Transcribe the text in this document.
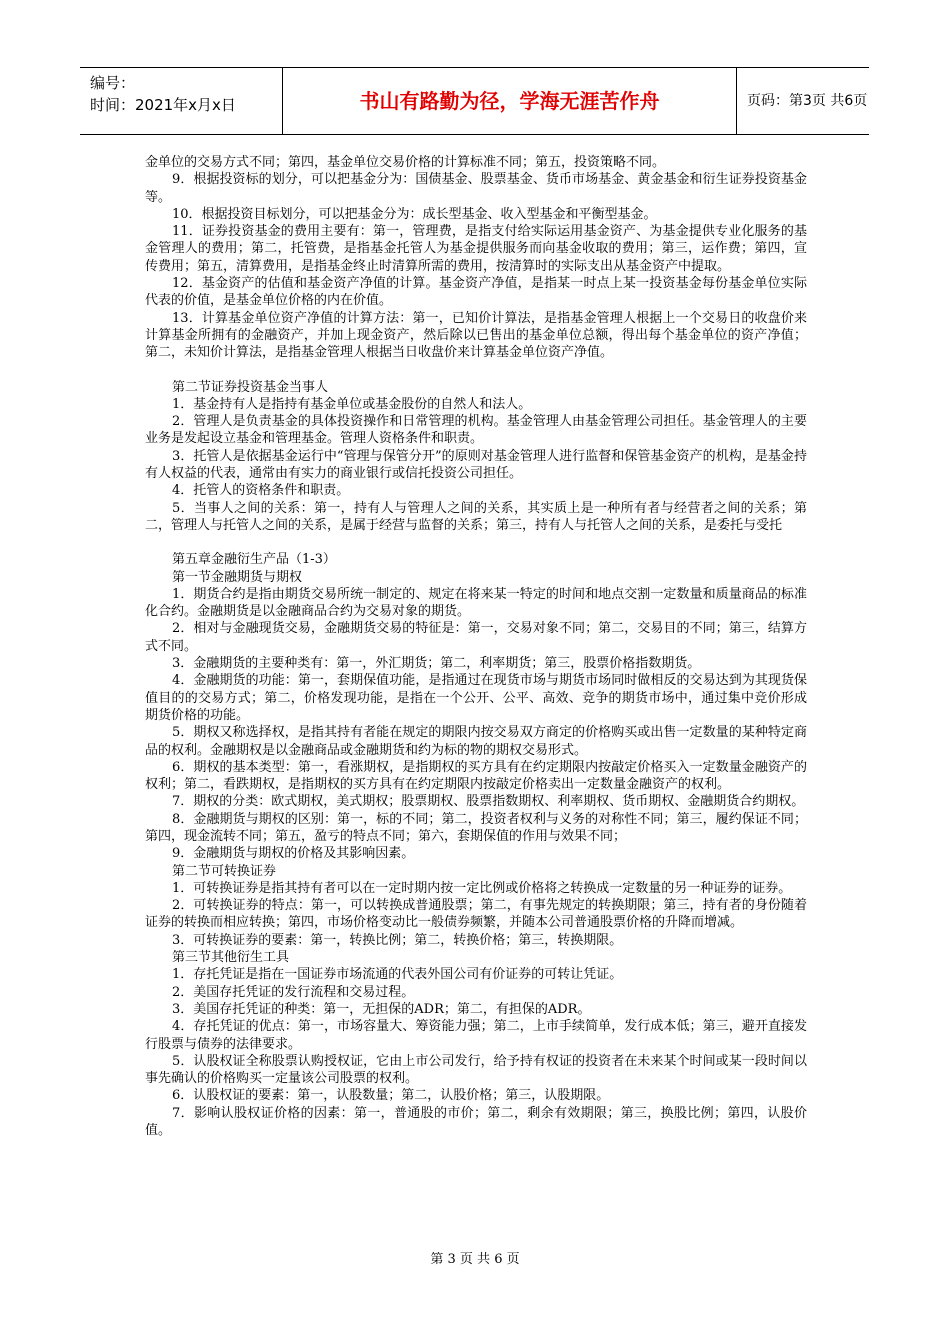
编号：
时间：2021年x月x日	书山有路勤为径，学海无涯苦作舟	页码：第3页 共6页

金单位的交易方式不同；第四，基金单位交易价格的计算标准不同；第五，投资策略不同。

9．根据投资标的划分，可以把基金分为：国债基金、股票基金、货币市场基金、黄金基金和衍生证券投资基金等。

10．根据投资目标划分，可以把基金分为：成长型基金、收入型基金和平衡型基金。

11．证券投资基金的费用主要有：第一，管理费，是指支付给实际运用基金资产、为基金提供专业化服务的基金管理人的费用；第二，托管费，是指基金托管人为基金提供服务而向基金收取的费用；第三，运作费；第四，宣传费用；第五，清算费用，是指基金终止时清算所需的费用，按清算时的实际支出从基金资产中提取。

12．基金资产的估值和基金资产净值的计算。基金资产净值，是指某一时点上某一投资基金每份基金单位实际代表的价值，是基金单位价格的内在价值。

13．计算基金单位资产净值的计算方法：第一，已知价计算法，是指基金管理人根据上一个交易日的收盘价来计算基金所拥有的金融资产，并加上现金资产，然后除以已售出的基金单位总额，得出每个基金单位的资产净值；第二，未知价计算法，是指基金管理人根据当日收盘价来计算基金单位资产净值。

第二节证券投资基金当事人

1．基金持有人是指持有基金单位或基金股份的自然人和法人。

2．管理人是负责基金的具体投资操作和日常管理的机构。基金管理人由基金管理公司担任。基金管理人的主要业务是发起设立基金和管理基金。管理人资格条件和职责。

3．托管人是依据基金运行中“管理与保管分开”的原则对基金管理人进行监督和保管基金资产的机构，是基金持有人权益的代表，通常由有实力的商业银行或信托投资公司担任。

4．托管人的资格条件和职责。

5．当事人之间的关系：第一，持有人与管理人之间的关系，其实质上是一种所有者与经营者之间的关系；第二，管理人与托管人之间的关系，是属于经营与监督的关系；第三，持有人与托管人之间的关系，是委托与受托

第五章金融衍生产品（1-3）

第一节金融期货与期权

1．期货合约是指由期货交易所统一制定的、规定在将来某一特定的时间和地点交割一定数量和质量商品的标准化合约。金融期货是以金融商品合约为交易对象的期货。

2．相对与金融现货交易，金融期货交易的特征是：第一，交易对象不同；第二，交易目的不同；第三，结算方式不同。

3．金融期货的主要种类有：第一，外汇期货；第二，利率期货；第三，股票价格指数期货。

4．金融期货的功能：第一，套期保值功能，是指通过在现货市场与期货市场同时做相反的交易达到为其现货保值目的的交易方式；第二，价格发现功能，是指在一个公开、公平、高效、竞争的期货市场中，通过集中竞价形成期货价格的功能。

5．期权又称选择权，是指其持有者能在规定的期限内按交易双方商定的价格购买或出售一定数量的某种特定商品的权利。金融期权是以金融商品或金融期货和约为标的物的期权交易形式。

6．期权的基本类型：第一，看涨期权，是指期权的买方具有在约定期限内按敲定价格买入一定数量金融资产的权利；第二，看跌期权，是指期权的买方具有在约定期限内按敲定价格卖出一定数量金融资产的权利。

7．期权的分类：欧式期权，美式期权；股票期权、股票指数期权、利率期权、货币期权、金融期货合约期权。

8．金融期货与期权的区别：第一，标的不同；第二，投资者权利与义务的对称性不同；第三，履约保证不同；第四，现金流转不同；第五，盈亏的特点不同；第六，套期保值的作用与效果不同；

9．金融期货与期权的价格及其影响因素。

第二节可转换证券

1．可转换证券是指其持有者可以在一定时期内按一定比例或价格将之转换成一定数量的另一种证券的证券。

2．可转换证券的特点：第一，可以转换成普通股票；第二，有事先规定的转换期限；第三，持有者的身份随着证券的转换而相应转换；第四，市场价格变动比一般债券频繁，并随本公司普通股票价格的升降而增减。

3．可转换证券的要素：第一，转换比例；第二，转换价格；第三，转换期限。

第三节其他衍生工具

1．存托凭证是指在一国证券市场流通的代表外国公司有价证券的可转让凭证。

2．美国存托凭证的发行流程和交易过程。

3．美国存托凭证的种类：第一，无担保的ADR；第二，有担保的ADR。

4．存托凭证的优点：第一，市场容量大、筹资能力强；第二，上市手续简单，发行成本低；第三，避开直接发行股票与债券的法律要求。

5．认股权证全称股票认购授权证，它由上市公司发行，给予持有权证的投资者在未来某个时间或某一段时间以事先确认的价格购买一定量该公司股票的权利。

6．认股权证的要素：第一，认股数量；第二，认股价格；第三，认股期限。

7．影响认股权证价格的因素：第一，普通股的市价；第二，剩余有效期限；第三，换股比例；第四，认股价值。

第 3 页 共 6 页
